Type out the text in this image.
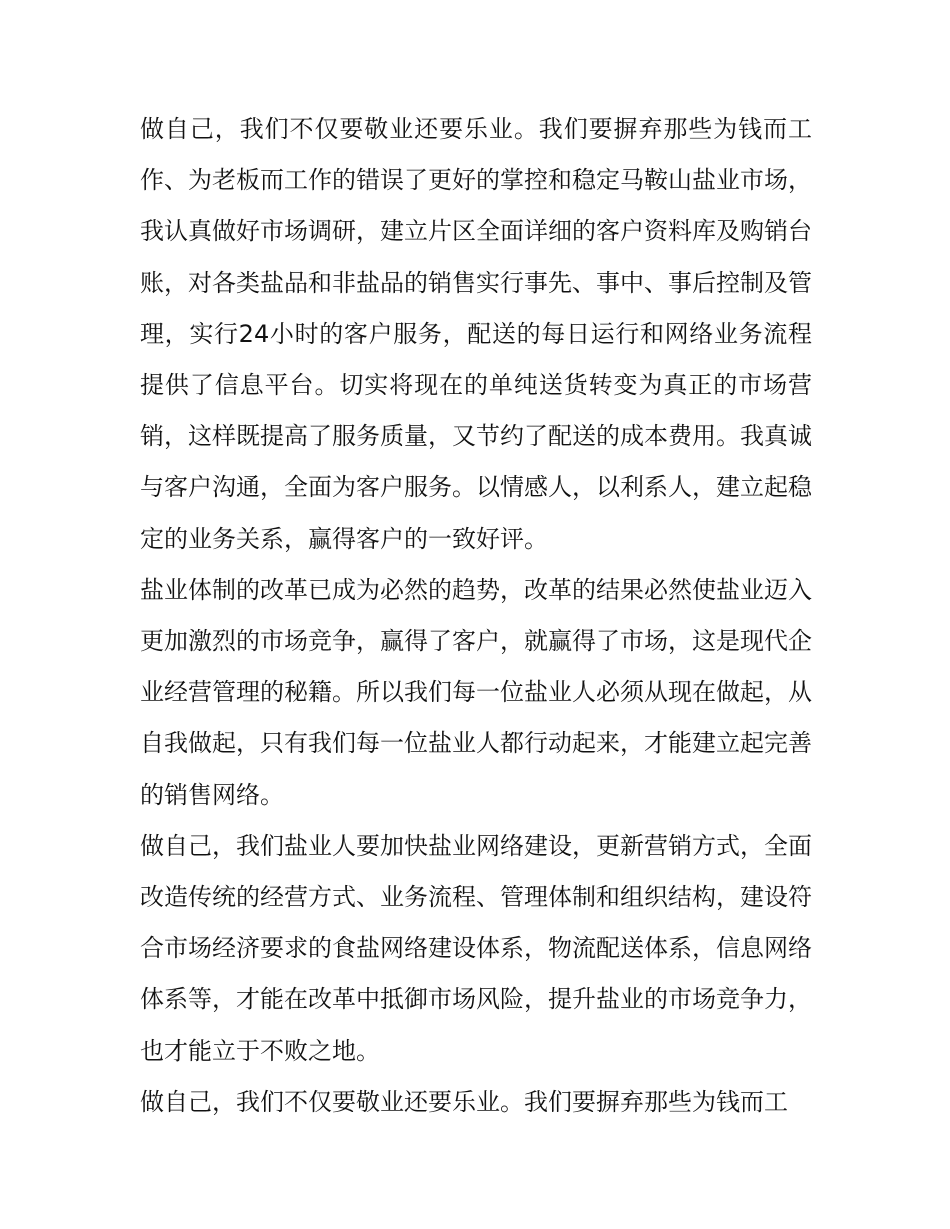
做自己，我们不仅要敬业还要乐业。我们要摒弃那些为钱而工作、为老板而工作的错误了更好的掌控和稳定马鞍山盐业市场，我认真做好市场调研，建立片区全面详细的客户资料库及购销台账，对各类盐品和非盐品的销售实行事先、事中、事后控制及管理，实行24小时的客户服务，配送的每日运行和网络业务流程提供了信息平台。切实将现在的单纯送货转变为真正的市场营销，这样既提高了服务质量，又节约了配送的成本费用。我真诚与客户沟通，全面为客户服务。以情感人，以利系人，建立起稳定的业务关系，赢得客户的一致好评。

盐业体制的改革已成为必然的趋势，改革的结果必然使盐业迈入更加激烈的市场竞争，赢得了客户，就赢得了市场，这是现代企业经营管理的秘籍。所以我们每一位盐业人必须从现在做起，从自我做起，只有我们每一位盐业人都行动起来，才能建立起完善的销售网络。

做自己，我们盐业人要加快盐业网络建设，更新营销方式，全面改造传统的经营方式、业务流程、管理体制和组织结构，建设符合市场经济要求的食盐网络建设体系，物流配送体系，信息网络体系等，才能在改革中抵御市场风险，提升盐业的市场竞争力，也才能立于不败之地。

做自己，我们不仅要敬业还要乐业。我们要摒弃那些为钱而工
